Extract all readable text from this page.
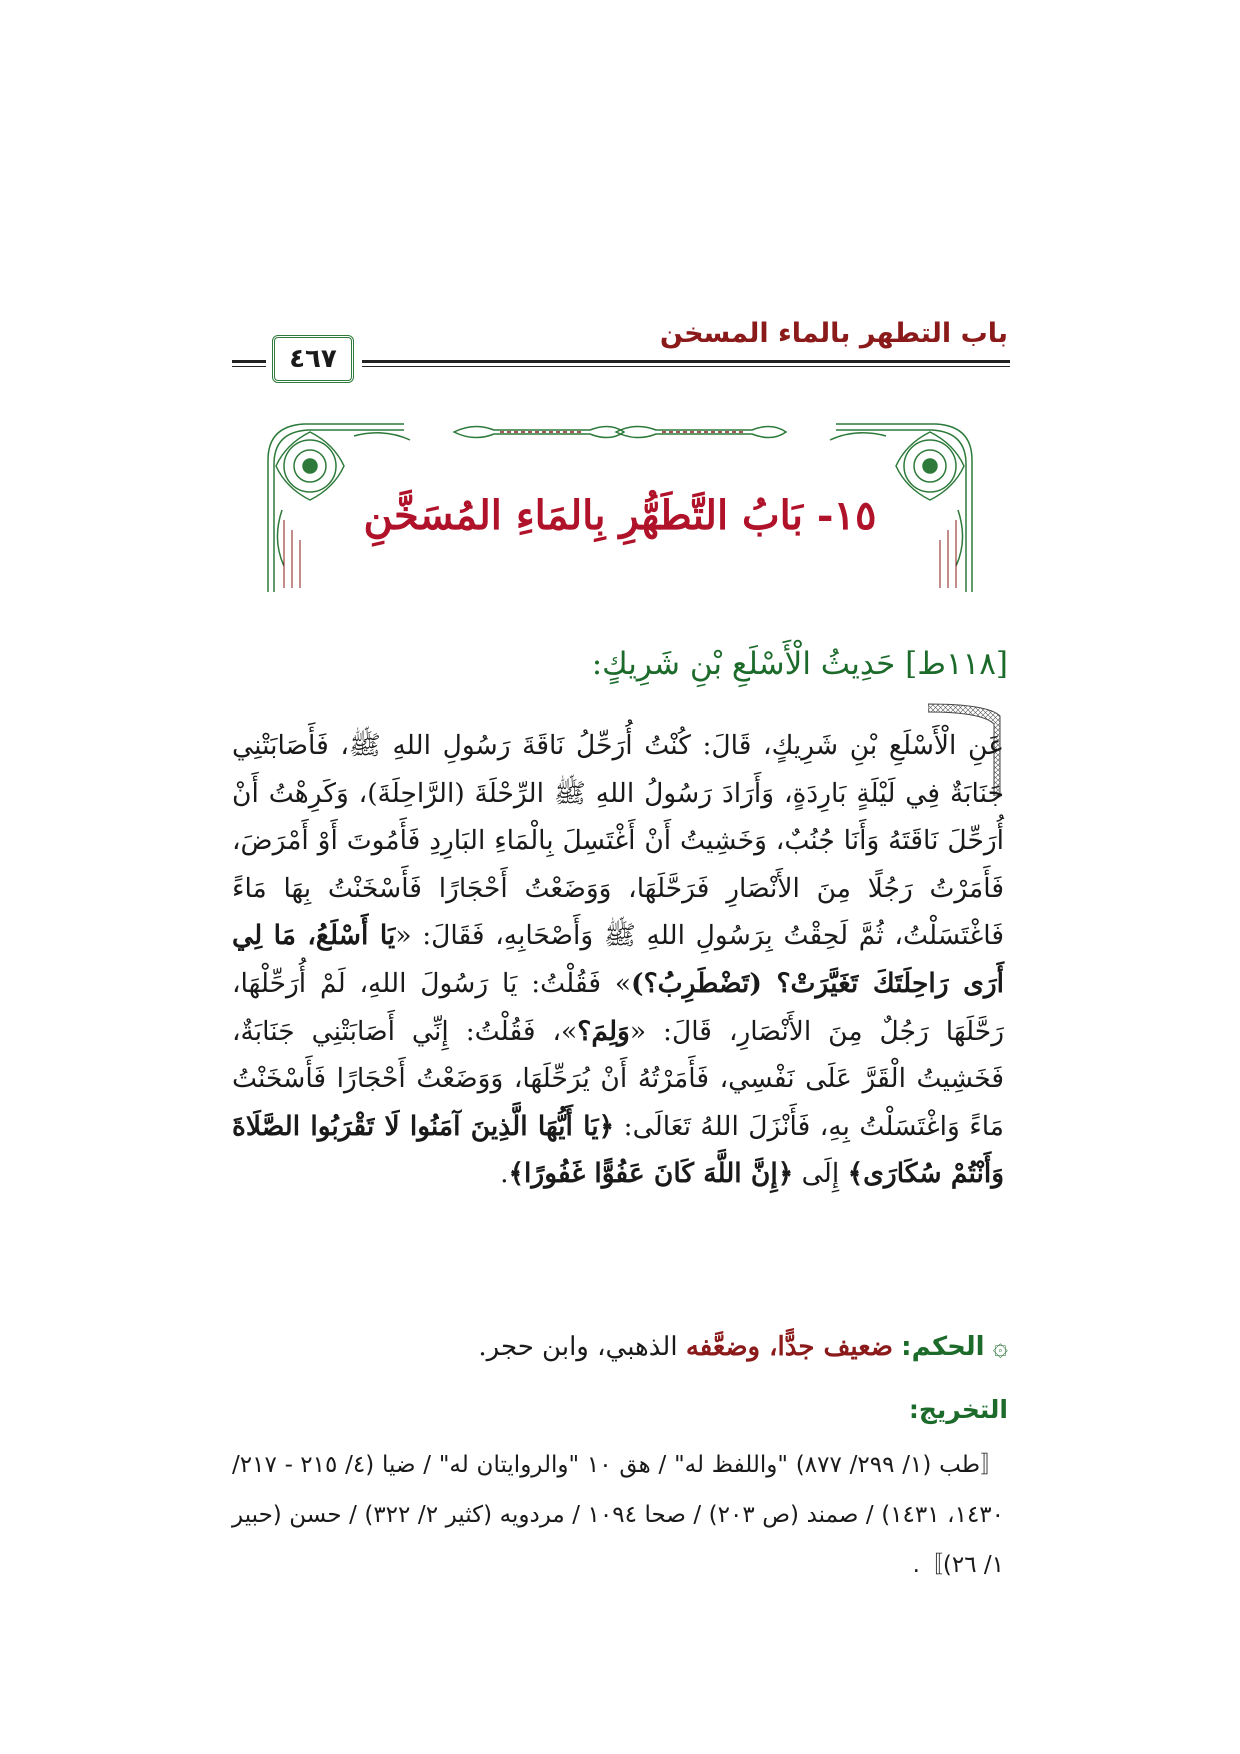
باب التطهر بالماء المسخن
٤٦٧
١٥- بَابُ التَّطَهُّرِ بِالمَاءِ المُسَخَّنِ
[١١٨ط] حَدِيثُ الْأَسْلَعِ بْنِ شَرِيكٍ:
عَنِ الْأَسْلَعِ بْنِ شَرِيكٍ، قَالَ: كُنْتُ أُرَحِّلُ نَاقَةَ رَسُولِ اللهِ ﷺ، فَأَصَابَتْنِي جَنَابَةٌ فِي لَيْلَةٍ بَارِدَةٍ، وَأَرَادَ رَسُولُ اللهِ ﷺ الرِّحْلَةَ (الرَّاحِلَةَ)، وَكَرِهْتُ أَنْ أُرَحِّلَ نَاقَتَهُ وَأَنَا جُنُبٌ، وَخَشِيتُ أَنْ أَغْتَسِلَ بِالْمَاءِ البَارِدِ فَأَمُوتَ أَوْ أَمْرَضَ، فَأَمَرْتُ رَجُلًا مِنَ الأَنْصَارِ فَرَحَّلَهَا، وَوَضَعْتُ أَحْجَارًا فَأَسْخَنْتُ بِهَا مَاءً فَاغْتَسَلْتُ، ثُمَّ لَحِقْتُ بِرَسُولِ اللهِ ﷺ وَأَصْحَابِهِ، فَقَالَ: «يَا أَسْلَعُ، مَا لِي أَرَى رَاحِلَتَكَ تَغَيَّرَتْ؟ (تَضْطَرِبُ؟)» فَقُلْتُ: يَا رَسُولَ اللهِ، لَمْ أُرَحِّلْهَا، رَحَّلَهَا رَجُلٌ مِنَ الأَنْصَارِ، قَالَ: «وَلِمَ؟»، فَقُلْتُ: إِنِّي أَصَابَتْنِي جَنَابَةٌ، فَخَشِيتُ الْقَرَّ عَلَى نَفْسِي، فَأَمَرْتُهُ أَنْ يُرَحِّلَهَا، وَوَضَعْتُ أَحْجَارًا فَأَسْخَنْتُ مَاءً وَاغْتَسَلْتُ بِهِ، فَأَنْزَلَ اللهُ تَعَالَى: ﴿يَا أَيُّهَا الَّذِينَ آمَنُوا لَا تَقْرَبُوا الصَّلَاةَ وَأَنْتُمْ سُكَارَى﴾ إِلَى ﴿إِنَّ اللَّهَ كَانَ عَفُوًّا غَفُورًا﴾.
۞ الحكم: ضعيف جدًّا، وضعَّفه الذهبي، وابن حجر.
التخريج:
〚طب (١/ ٢٩٩/ ٨٧٧) "واللفظ له" / هق ١٠ "والروايتان له" / ضيا (٤/ ٢١٥ - ٢١٧/ ١٤٣٠، ١٤٣١) / صمند (ص ٢٠٣) / صحا ١٠٩٤ / مردويه (كثير ٢/ ٣٢٢) / حسن (حبير ١/ ٢٦)〛.
